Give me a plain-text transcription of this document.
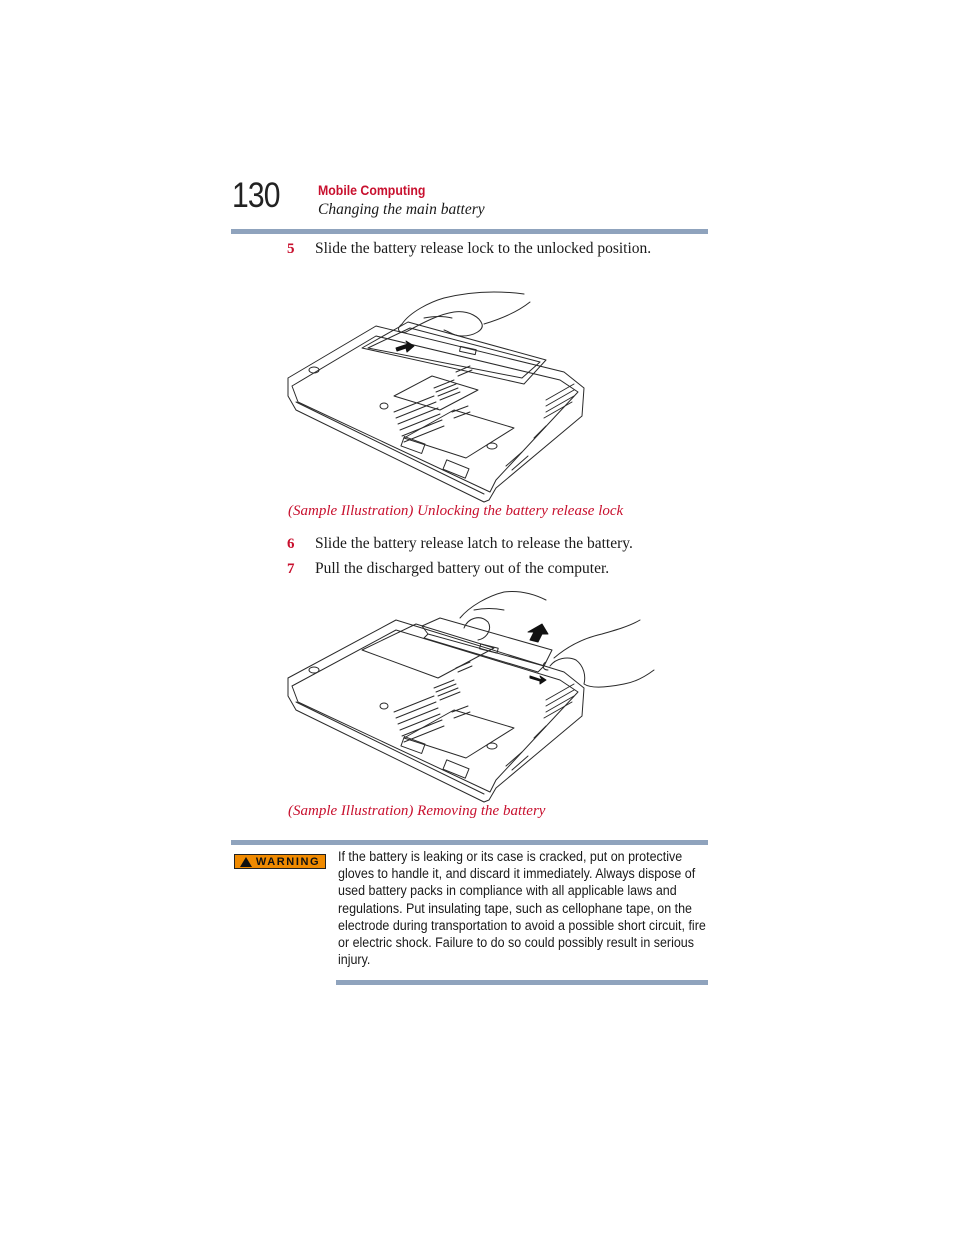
130	Mobile Computing
Changing the main battery
5 Slide the battery release lock to the unlocked position.
(Sample Illustration) Unlocking the battery release lock
6 Slide the battery release latch to release the battery.
7 Pull the discharged battery out of the computer.
(Sample Illustration) Removing the battery
WARNING If the battery is leaking or its case is cracked, put on protective gloves to handle it, and discard it immediately. Always dispose of used battery packs in compliance with all applicable laws and regulations. Put insulating tape, such as cellophane tape, on the electrode during transportation to avoid a possible short circuit, fire or electric shock. Failure to do so could possibly result in serious injury.
